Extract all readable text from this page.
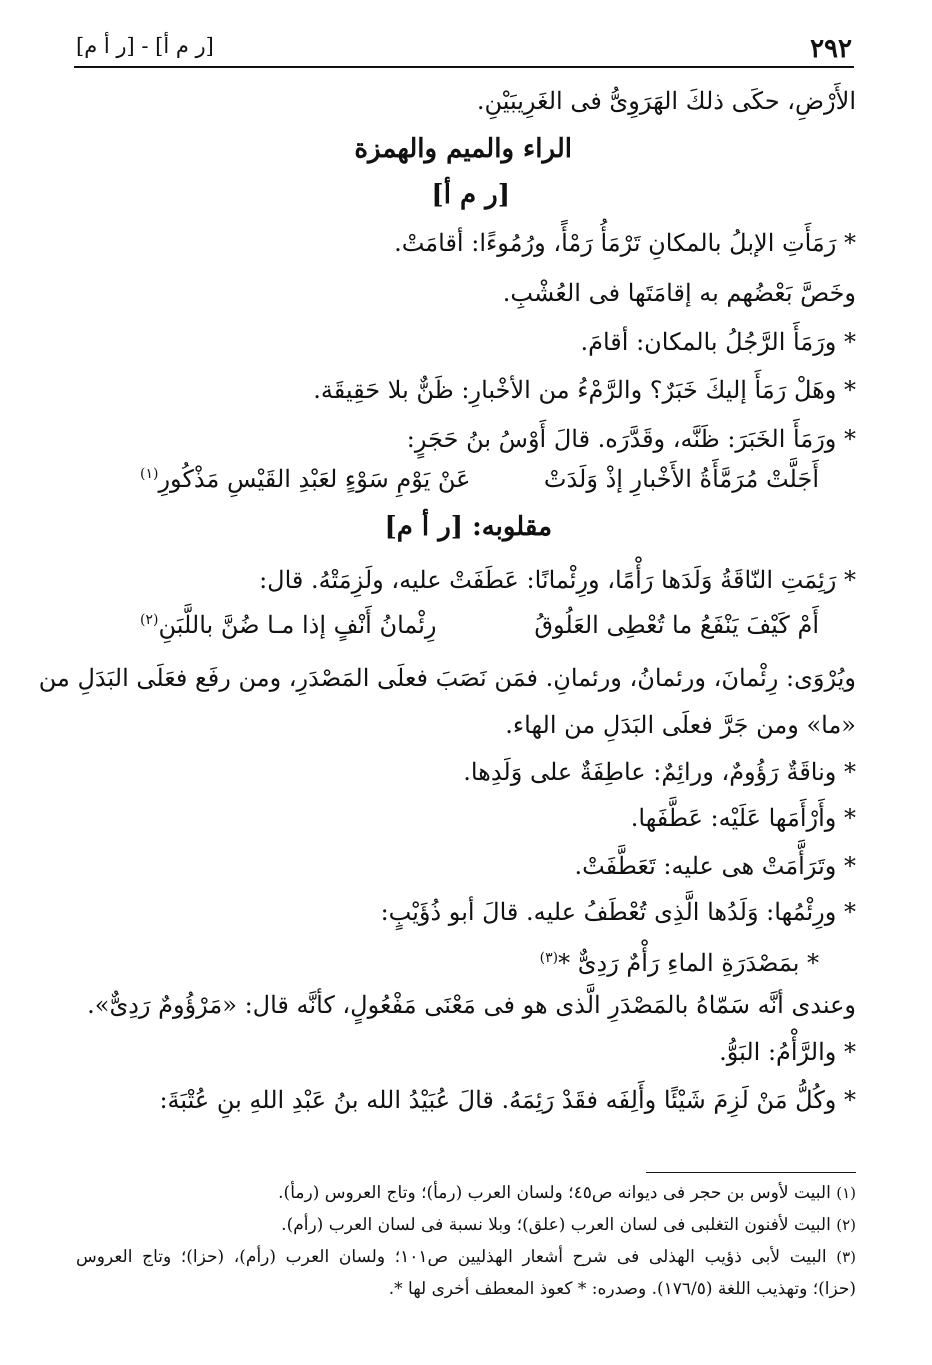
٢٩٢
[ر م أ] - [ر أ م]
الأَرْضِ، حكَى ذلكَ الهَرَوِىُّ فى الغَرِيبَيْنِ.
الراء والميم والهمزة
[ر م أ]
* رَمَأَتِ الإبلُ بالمكانِ تَرْمَأُ رَمْأً، ورُمُوءًا: أقامَتْ.
وخَصَّ بَعْضُهم به إقامَتَها فى العُشْبِ.
* ورَمَأَ الرَّجُلُ بالمكان: أقامَ.
* وهَلْ رَمَأَ إليكَ خَبَرٌ؟ والرَّمْءُ من الأخْبارِ: ظَنٌّ بلا حَقِيقَة.
* ورَمَأَ الخَبَرَ: ظَنَّه، وقَدَّرَه. قالَ أَوْسُ بنُ حَجَرٍ:
أَجَلَّتْ مُرَمَّأَةُ الأَخْبارِ إذْ وَلَدَتْ
عَنْ يَوْمِ سَوْءٍ لعَبْدِ القَيْسِ مَذْكُورِ$^{(١)}$
مقلوبه: [ر أ م]
* رَئِمَتِ النّاقَةُ وَلَدَها رَأْمًا، ورِئْمانًا: عَطَفَتْ عليه، ولَزِمَتْهُ. قال:
أَمْ كَيْفَ يَنْفَعُ ما تُعْطِى العَلُوقُ
رِئْمانُ أَنْفٍ إذا مـا ضُنَّ باللَّبَنِ$^{(٢)}$
ويُرْوَى: رِئْمانَ، ورئمانُ، ورئمانِ. فمَن نَصَبَ فعلَى المَصْدَرِ، ومن رفَع فعَلَى البَدَلِ من
«ما» ومن جَرَّ فعلَى البَدَلِ من الهاء.
* وناقَةٌ رَؤُومٌ، ورائِمٌ: عاطِفَةٌ على وَلَدِها.
* وأَرْأَمَها عَلَيْه: عَطَّفَها.
* وتَرَأَّمَتْ هى عليه: تَعَطَّفَتْ.
* ورِئْمُها: وَلَدُها الَّذِى تُعْطَفُ عليه. قالَ أبو ذُؤَيْبٍ:
* بمَصْدَرَةِ الماءِ رَأْمٌ رَدِىٌّ *$^{(٣)}$
وعندى أنَّه سَمّاهُ بالمَصْدَرِ الَّذى هو فى مَعْنَى مَفْعُولٍ، كأنَّه قال: «مَرْؤُومٌ رَدِىٌّ».
* والرَّأْمُ: البَوُّ.
* وكُلُّ مَنْ لَزِمَ شَيْئًا وأَلِفَه فقَدْ رَئِمَهُ. قالَ عُبَيْدُ الله بنُ عَبْدِ اللهِ بنِ عُتْبَةَ:
(١) البيت لأوس بن حجر فى ديوانه ص٤٥؛ ولسان العرب (رمأ)؛ وتاج العروس (رمأ).
(٢) البيت لأفنون التغلبى فى لسان العرب (علق)؛ وبلا نسبة فى لسان العرب (رأم).
(٣) البيت لأبى ذؤيب الهذلى فى شرح أشعار الهذليين ص١٠١؛ ولسان العرب (رأم)، (حزا)؛ وتاج العروس
(حزا)؛ وتهذيب اللغة (١٧٦/٥). وصدره: * كعوذ المعطف أخرى لها *.
